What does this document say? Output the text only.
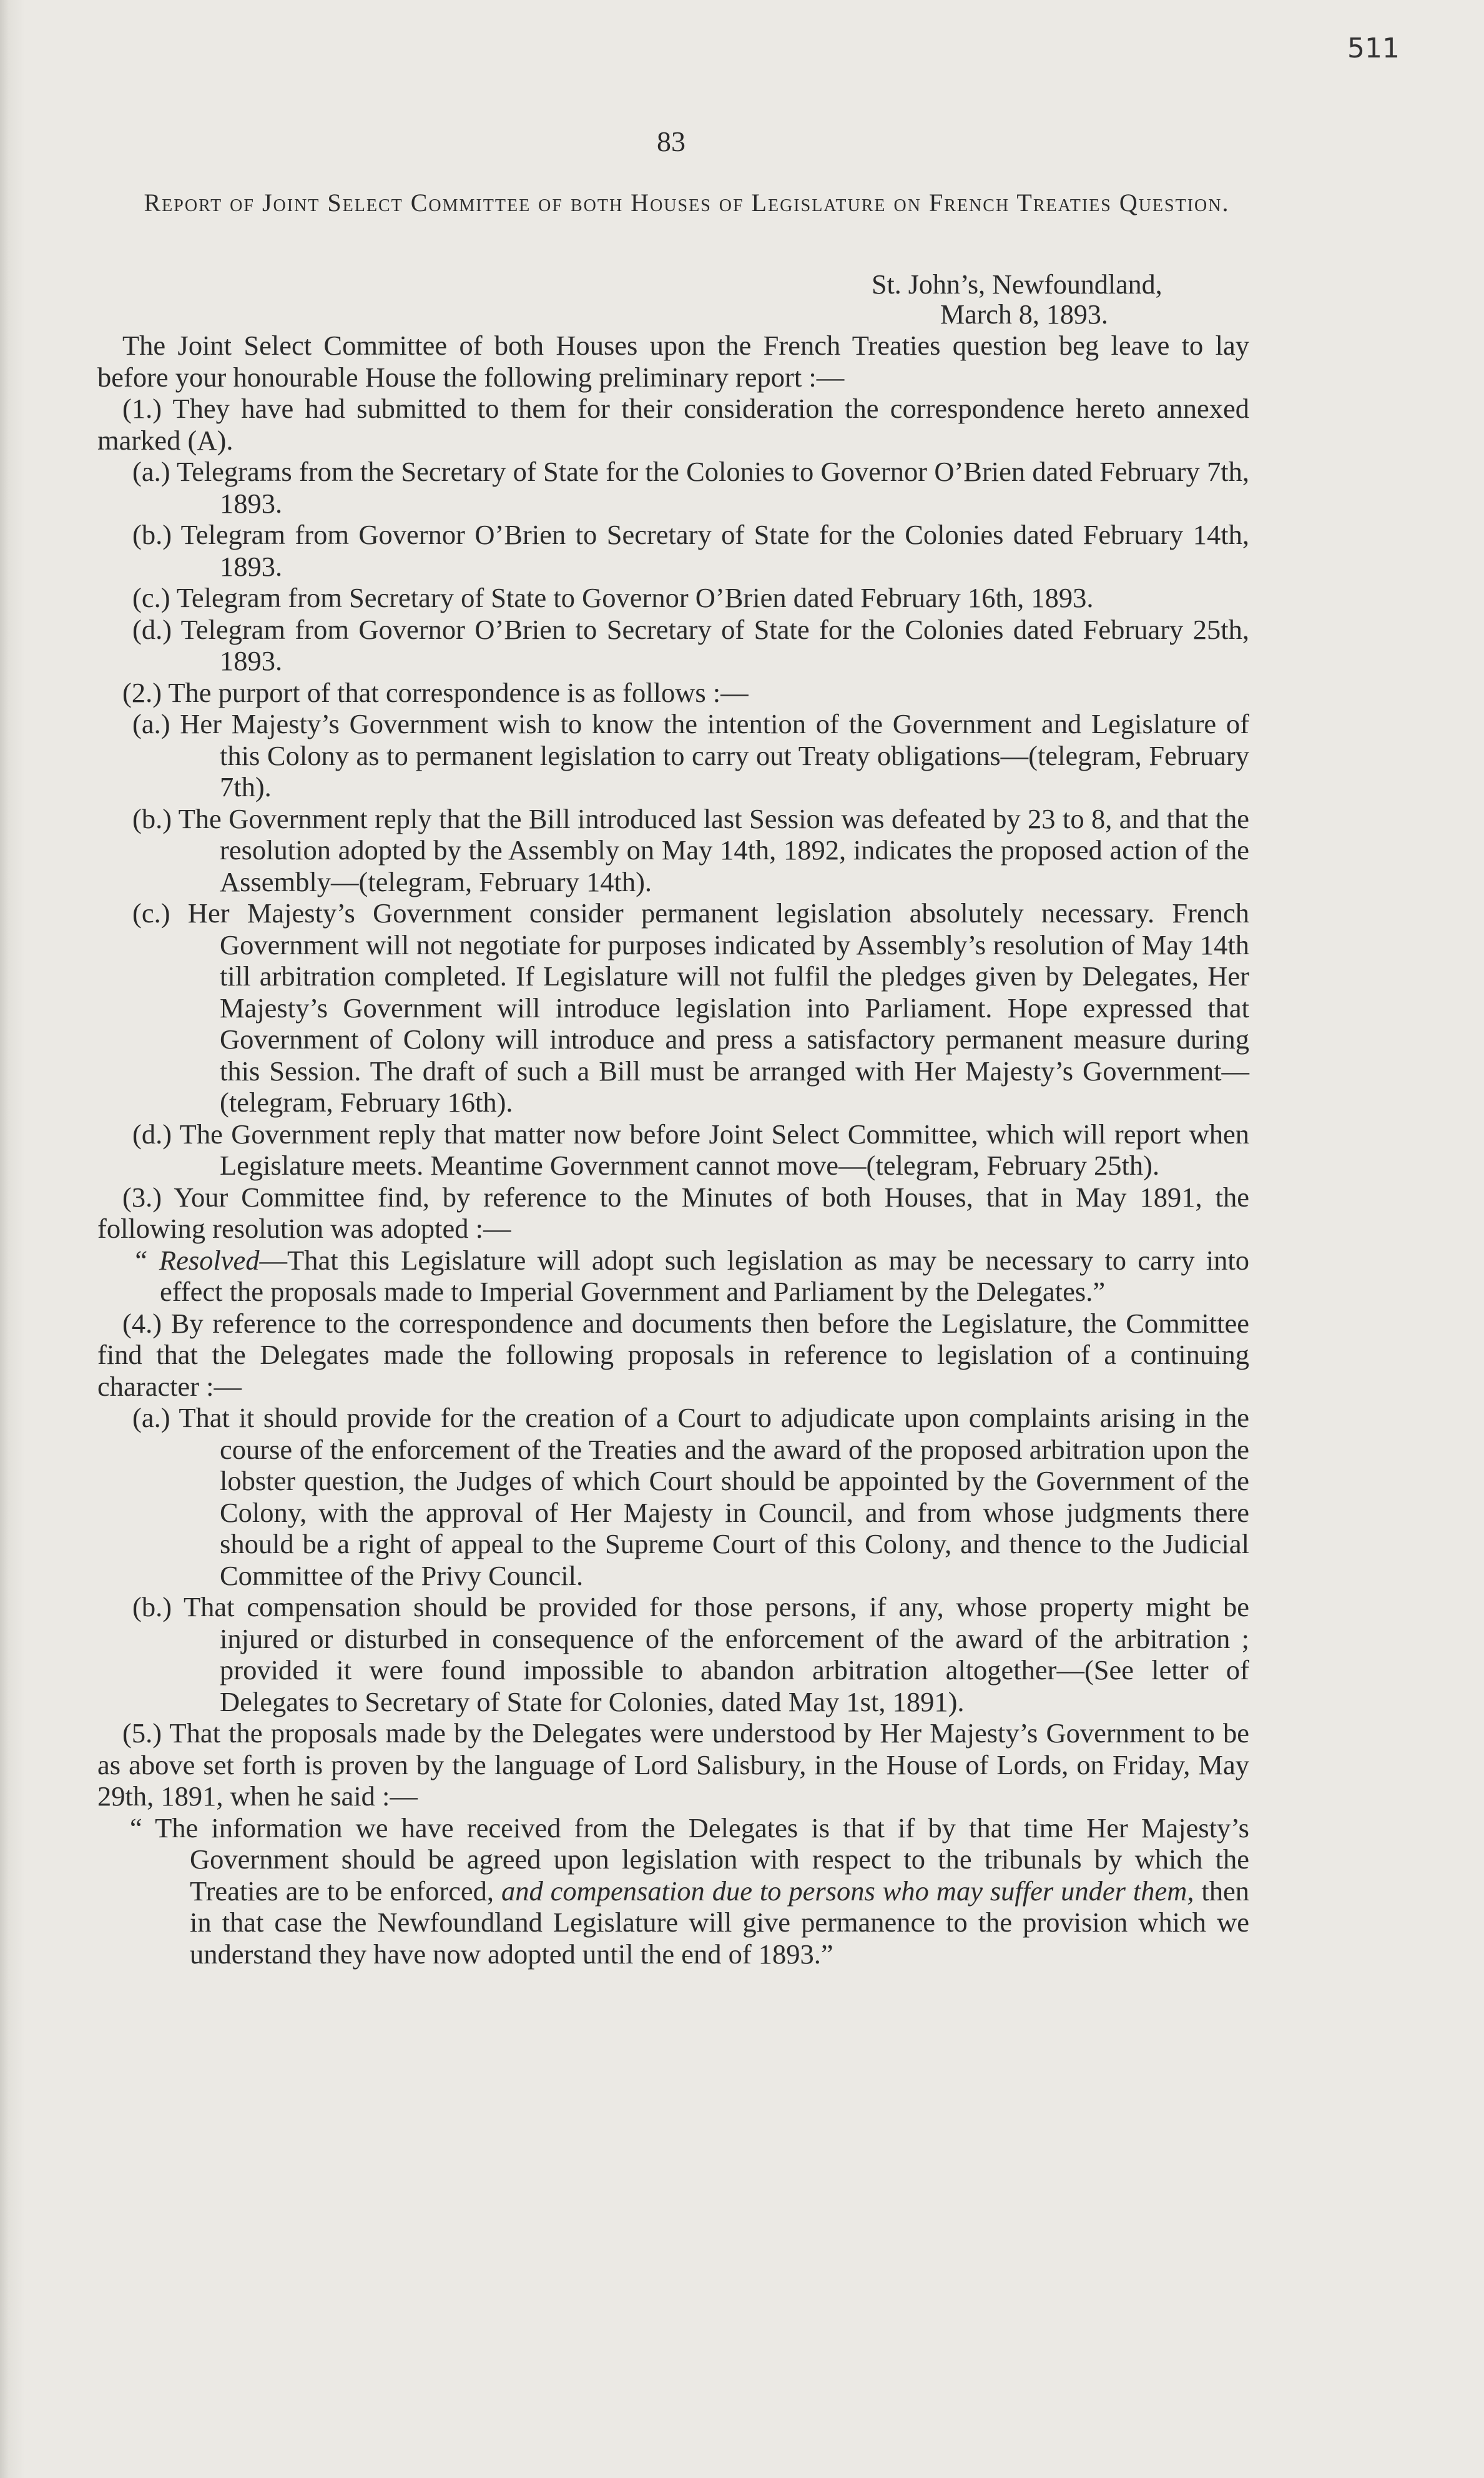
511
83
Report of Joint Select Committee of both Houses of Legislature on French Treaties Question.
St. John’s, Newfoundland,
March 8, 1893.

The Joint Select Committee of both Houses upon the French Treaties question beg leave to lay before your honourable House the following preliminary report :—

(1.) They have had submitted to them for their consideration the correspondence hereto annexed marked (A).

(a.) Telegrams from the Secretary of State for the Colonies to Governor O’Brien dated February 7th, 1893.

(b.) Telegram from Governor O’Brien to Secretary of State for the Colonies dated February 14th, 1893.

(c.) Telegram from Secretary of State to Governor O’Brien dated February 16th, 1893.

(d.) Telegram from Governor O’Brien to Secretary of State for the Colonies dated February 25th, 1893.

(2.) The purport of that correspondence is as follows :—

(a.) Her Majesty’s Government wish to know the intention of the Government and Legislature of this Colony as to permanent legislation to carry out Treaty obligations—(telegram, February 7th).

(b.) The Government reply that the Bill introduced last Session was defeated by 23 to 8, and that the resolution adopted by the Assembly on May 14th, 1892, indicates the proposed action of the Assembly—(telegram, February 14th).

(c.) Her Majesty’s Government consider permanent legislation absolutely necessary. French Government will not negotiate for purposes indicated by Assembly’s resolution of May 14th till arbitration completed. If Legislature will not fulfil the pledges given by Delegates, Her Majesty’s Government will introduce legislation into Parliament. Hope expressed that Government of Colony will introduce and press a satisfactory permanent measure during this Session. The draft of such a Bill must be arranged with Her Majesty’s Government—(telegram, February 16th).

(d.) The Government reply that matter now before Joint Select Committee, which will report when Legislature meets. Meantime Government cannot move—(telegram, February 25th).

(3.) Your Committee find, by reference to the Minutes of both Houses, that in May 1891, the following resolution was adopted :—

“ Resolved—That this Legislature will adopt such legislation as may be necessary to carry into effect the proposals made to Imperial Government and Parliament by the Delegates.”

(4.) By reference to the correspondence and documents then before the Legislature, the Committee find that the Delegates made the following proposals in reference to legislation of a continuing character :—

(a.) That it should provide for the creation of a Court to adjudicate upon complaints arising in the course of the enforcement of the Treaties and the award of the proposed arbitration upon the lobster question, the Judges of which Court should be appointed by the Government of the Colony, with the approval of Her Majesty in Council, and from whose judgments there should be a right of appeal to the Supreme Court of this Colony, and thence to the Judicial Committee of the Privy Council.

(b.) That compensation should be provided for those persons, if any, whose property might be injured or disturbed in consequence of the enforcement of the award of the arbitration ; provided it were found impossible to abandon arbitration altogether—(See letter of Delegates to Secretary of State for Colonies, dated May 1st, 1891).

(5.) That the proposals made by the Delegates were understood by Her Majesty’s Government to be as above set forth is proven by the language of Lord Salisbury, in the House of Lords, on Friday, May 29th, 1891, when he said :—

“ The information we have received from the Delegates is that if by that time Her Majesty’s Government should be agreed upon legislation with respect to the tribunals by which the Treaties are to be enforced, and compensation due to persons who may suffer under them, then in that case the Newfoundland Legislature will give permanence to the provision which we understand they have now adopted until the end of 1893.”
